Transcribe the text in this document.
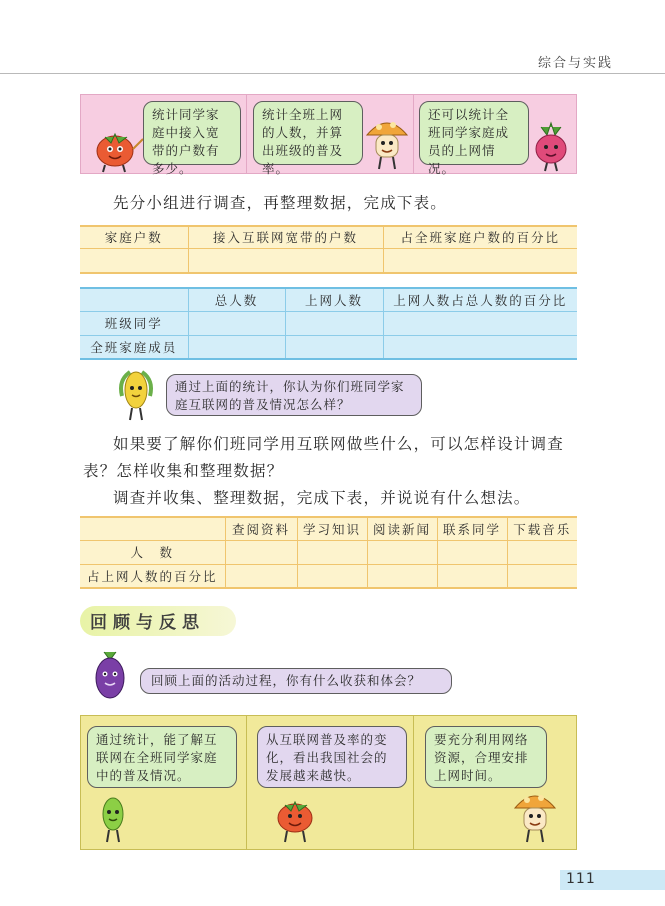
综合与实践
统计同学家庭中接入宽带的户数有多少。
统计全班上网的人数，并算出班级的普及率。
还可以统计全班同学家庭成员的上网情况。
先分小组进行调查，再整理数据，完成下表。
家庭户数	接入互联网宽带的户数	占全班家庭户数的百分比

	总人数	上网人数	上网人数占总人数的百分比
班级同学			
全班家庭成员			
通过上面的统计，你认为你们班同学家庭互联网的普及情况怎么样？
如果要了解你们班同学用互联网做些什么，可以怎样设计调查
表？怎样收集和整理数据？
调查并收集、整理数据，完成下表，并说说有什么想法。
	查阅资料	学习知识	阅读新闻	联系同学	下载音乐
人　数					
占上网人数的百分比					
回顾与反思
回顾上面的活动过程，你有什么收获和体会？
通过统计，能了解互联网在全班同学家庭中的普及情况。
从互联网普及率的变化，看出我国社会的发展越来越快。
要充分利用网络资源，合理安排上网时间。
111
